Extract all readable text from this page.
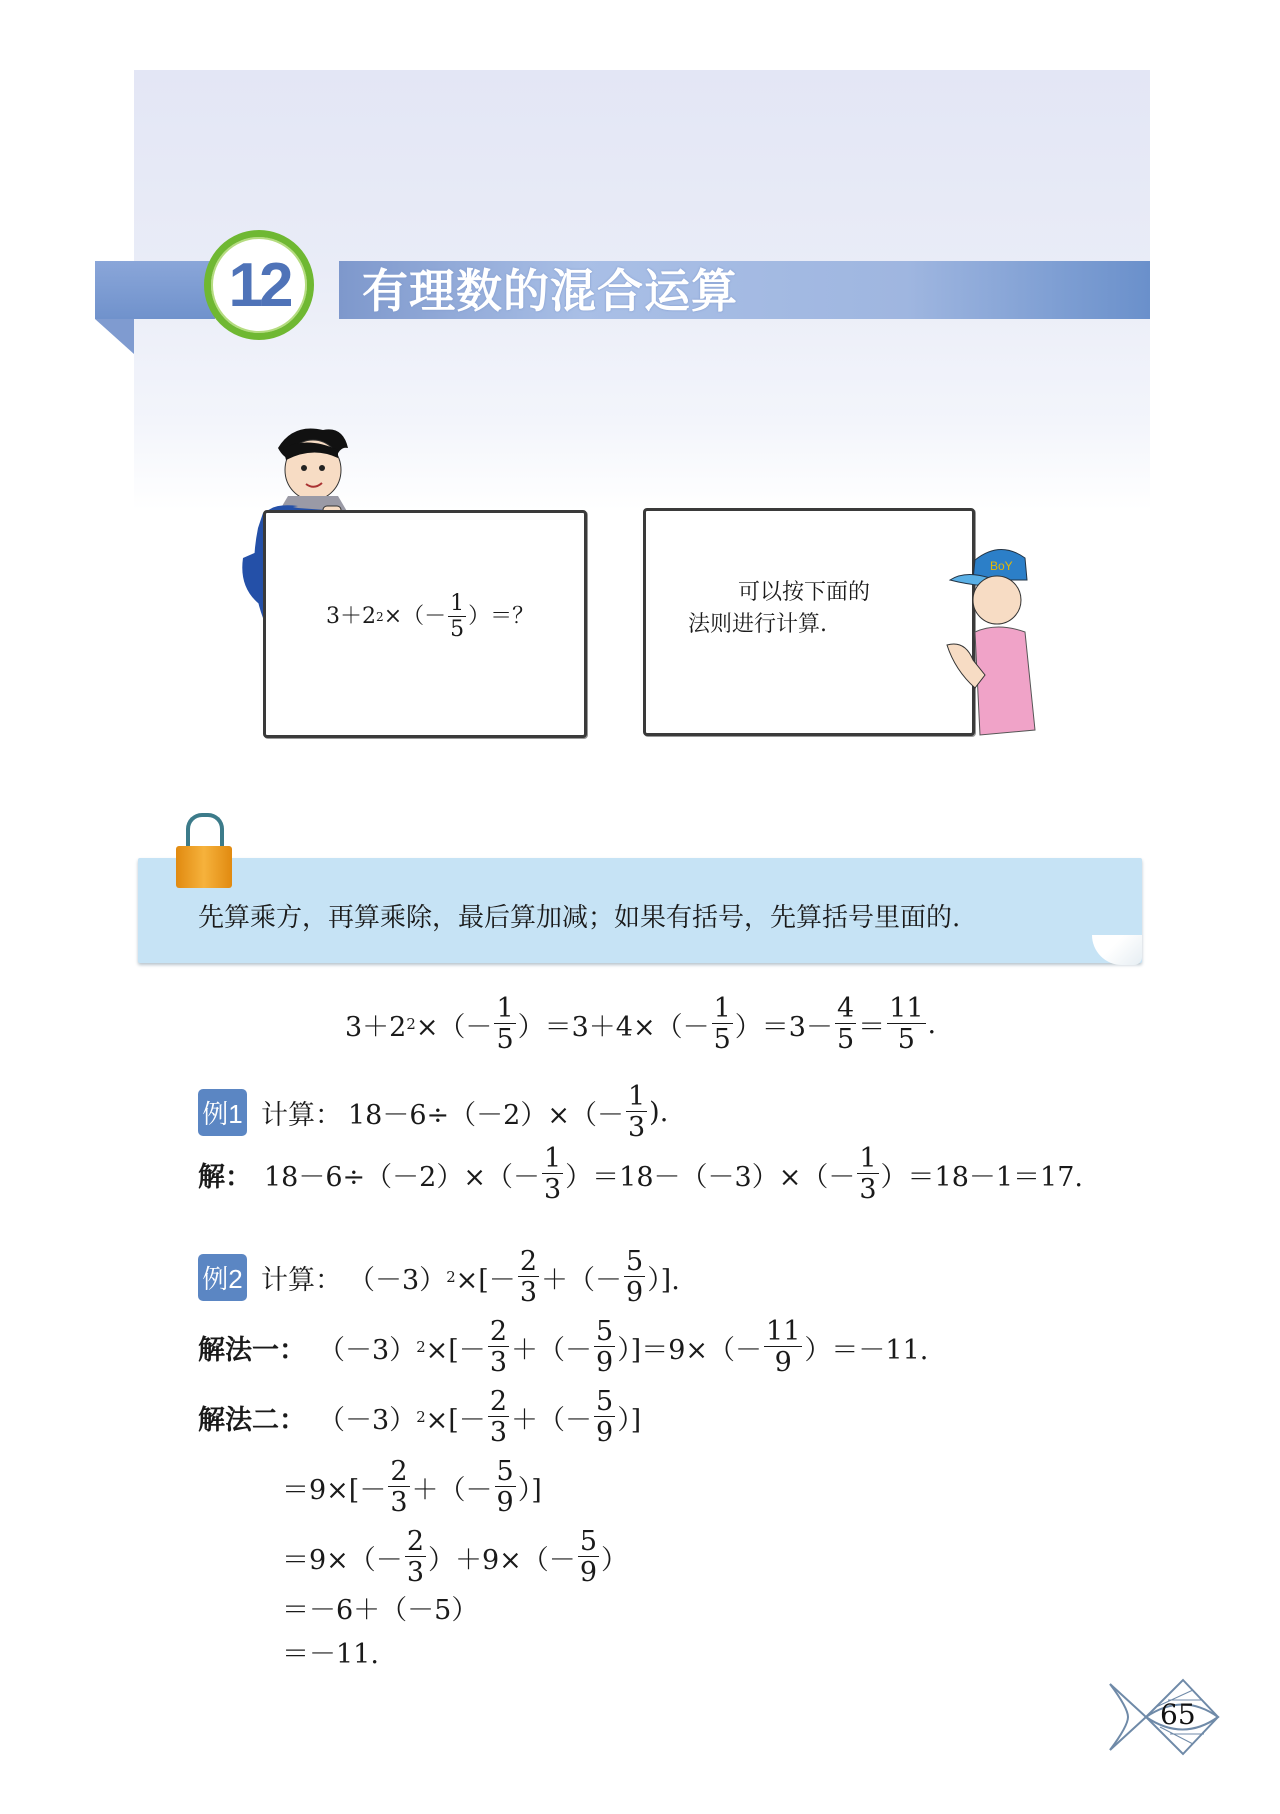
12 有理数的混合运算
3＋2 2 ×（－ $\frac{1}{5}$ ）＝？
可以按下面的
法则进行计算.
BoY
先算乘方，再算乘除，最后算加减；如果有括号，先算括号里面的.
3＋2 2 ×（－ $\frac{1}{5} )=3+4\times(- \frac{1}{5} )=3- \frac{4}{5} = \frac{11}{5}$ .
例1 计算： $18-6\div(-2)\times(- \frac{1}{3}$ ).
解： $18-6\div(-2)\times(- \frac{1}{3} )=18-(-3)\times(- \frac{1}{3} )=18-1=17$.
例2 计算： （－3） 2 ×[－ $\frac{2}{3}$ ＋（－ $\frac{5}{9}$ ）].
解法一： （－3） 2 ×[－ $\frac{2}{3}$ ＋（－ $\frac{5}{9} )]=9\times(- \frac{11}{9} )=-11$.
解法二： （－3） 2 ×[－ $\frac{2}{3}$ ＋（－ $\frac{5}{9}$ ）]
$=9\times[- \frac{2}{3}$ ＋（－ $\frac{5}{9}$ ）]
$=9\times(- \frac{2}{3} )+9\times(- \frac{5}{9}$ ）
＝－6＋（－5）
＝－11.
65
